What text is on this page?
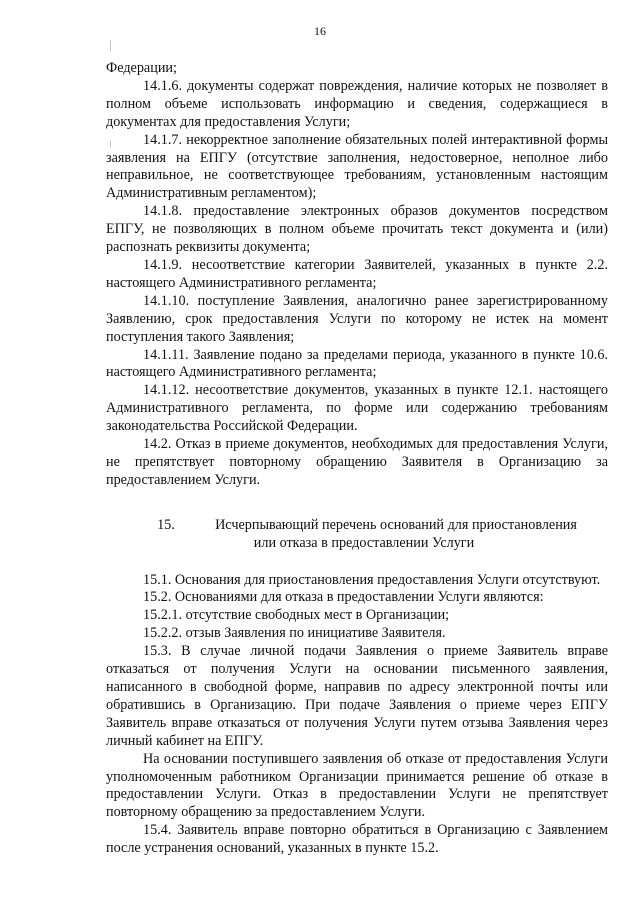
16

Федерации;

14.1.6. документы содержат повреждения, наличие которых не позволяет в полном объеме использовать информацию и сведения, содержащиеся в документах для предоставления Услуги;

14.1.7. некорректное заполнение обязательных полей интерактивной формы заявления на ЕПГУ (отсутствие заполнения, недостоверное, неполное либо неправильное, не соответствующее требованиям, установленным настоящим Административным регламентом);

14.1.8. предоставление электронных образов документов посредством ЕПГУ, не позволяющих в полном объеме прочитать текст документа и (или) распознать реквизиты документа;

14.1.9. несоответствие категории Заявителей, указанных в пункте 2.2. настоящего Административного регламента;

14.1.10. поступление Заявления, аналогично ранее зарегистрированному Заявлению, срок предоставления Услуги по которому не истек на момент поступления такого Заявления;

14.1.11. Заявление подано за пределами периода, указанного в пункте 10.6. настоящего Административного регламента;

14.1.12. несоответствие документов, указанных в пункте 12.1. настоящего Административного регламента, по форме или содержанию требованиям законодательства Российской Федерации.

14.2. Отказ в приеме документов, необходимых для предоставления Услуги, не препятствует повторному обращению Заявителя в Организацию за предоставлением Услуги.

15.	Исчерпывающий перечень оснований для приостановления
или отказа в предоставлении Услуги

15.1. Основания для приостановления предоставления Услуги отсутствуют.

15.2. Основаниями для отказа в предоставлении Услуги являются:

15.2.1. отсутствие свободных мест в Организации;

15.2.2. отзыв Заявления по инициативе Заявителя.

15.3. В случае личной подачи Заявления о приеме Заявитель вправе отказаться от получения Услуги на основании письменного заявления, написанного в свободной форме, направив по адресу электронной почты или обратившись в Организацию. При подаче Заявления о приеме через ЕПГУ Заявитель вправе отказаться от получения Услуги путем отзыва Заявления через личный кабинет на ЕПГУ.

На основании поступившего заявления об отказе от предоставления Услуги уполномоченным работником Организации принимается решение об отказе в предоставлении Услуги. Отказ в предоставлении Услуги не препятствует повторному обращению за предоставлением Услуги.

15.4. Заявитель вправе повторно обратиться в Организацию с Заявлением после устранения оснований, указанных в пункте 15.2.
